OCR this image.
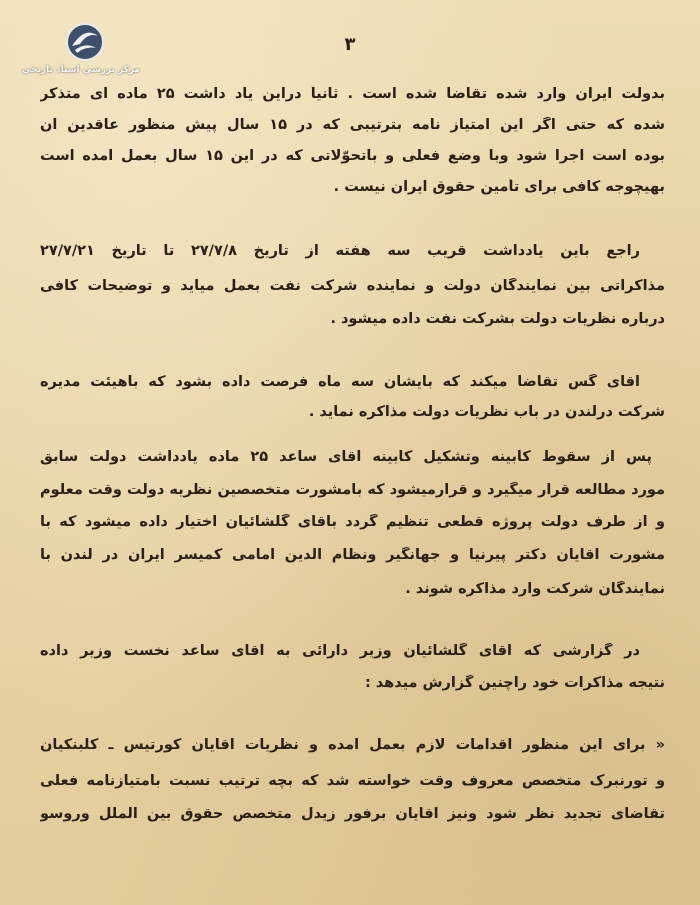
مرکز بررسی اسناد تاریخی
۳
بدولت ایران وارد شده تقاضا شده است . ثانیاً دراین یاد داشت ۲۵ ماده ای متذکر
شده که حتی اگر این امتیاز نامه بترتیبی که در ۱۵ سال پیش منظور عاقدین آن
بوده است اجرا شود وبا وضع فعلی و باتحوّلاتی که در این ۱۵ سال بعمل آمده است
بهیچوجه کافی برای تأمین حقوق ایران نیست .
راجع باین یادداشت قریب سه هفته از تاریخ ۲۷/۷/۸ تا تاریخ ۲۷/۷/۲۱
مذاکراتی بین نمایندگان دولت و نماینده شرکت نفت بعمل میآید و توضیحات کافی
درباره نظریات دولت بشرکت نفت داده میشود .
آقای گس تقاضا میکند که بایشان سه ماه فرصت داده بشود که باهیئت مدیره
شرکت درلندن در باب نظریات دولت مذاکره نماید .
پس از سقوط کابینه وتشکیل کابینه آقای ساعد ۲۵ ماده یادداشت دولت سابق
مورد مطالعه قرار میگیرد و قرارمیشود که بامشورت متخصصین نظریه دولت وقت معلوم
و از طرف دولت پروژه قطعی تنظیم گردد بآقای گلشائیان اختیار داده میشود که با
مشورت آقایان دکتر پیرنیا و جهانگیر ونظام الدین امامی کمیسر ایران در لندن با
نمایندگان شرکت وارد مذاکره شوند .
در گزارشی که آقای گلشائیان وزیر دارائی به آقای ساعد نخست وزیر داده
نتیجه مذاکرات خود راچنین گزارش میدهد :
« برای این منظور اقدامات لازم بعمل آمده و نظریات آقایان کورتیس ـ کلبنکیان
و تورنبرک متخصص معروف وقت خواسته شد که بچه ترتیب نسبت بامتیازنامه فعلی
تقاضای تجدید نظر شود ونیز آقایان برفور زیدل متخصص حقوق بین الملل وروسو
